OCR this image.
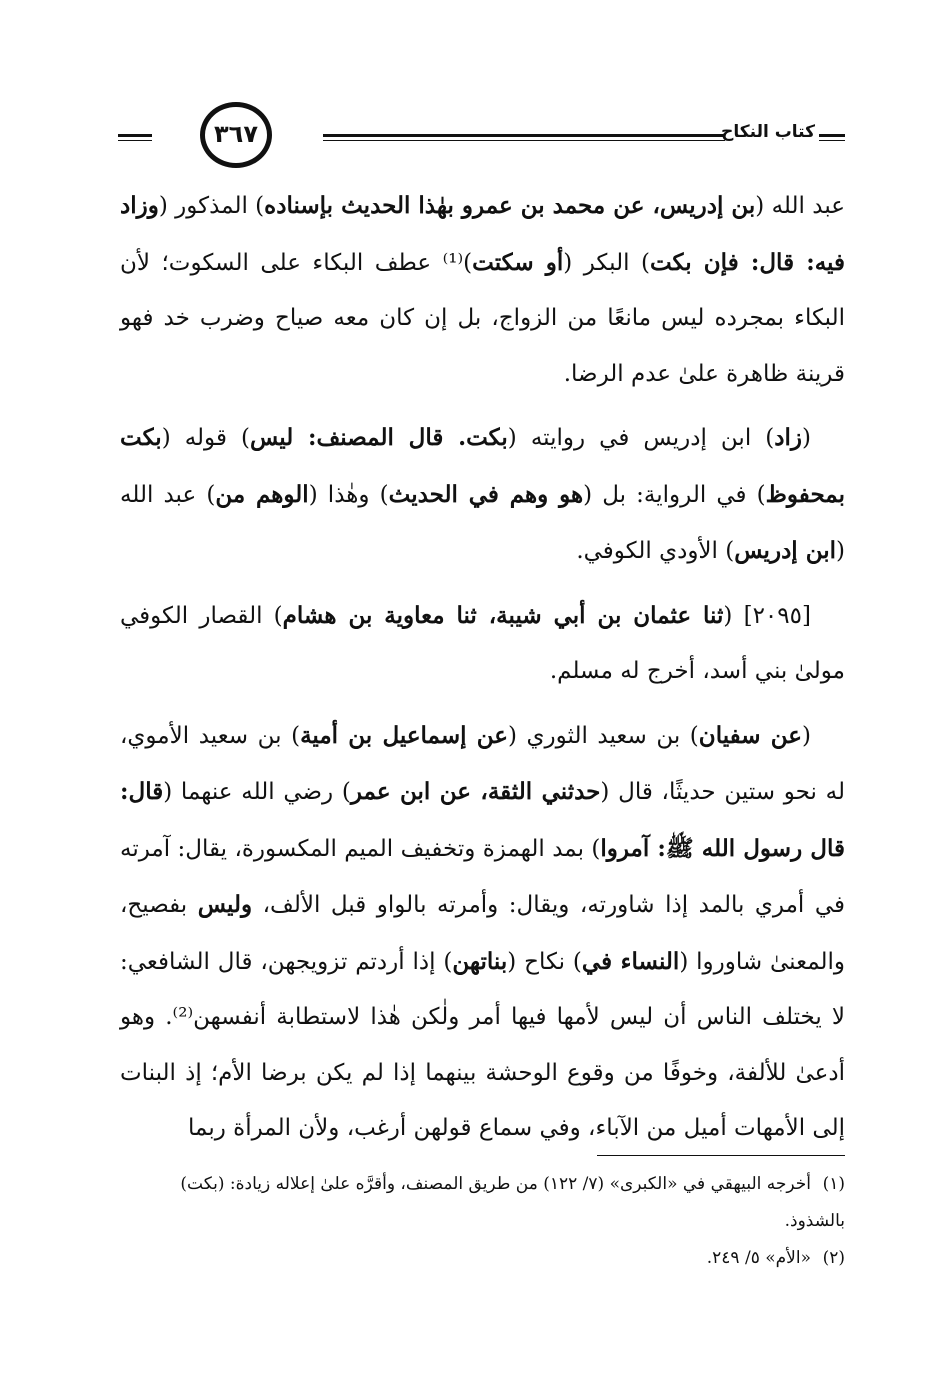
كتاب النكاح
٣٦٧

عبد الله (بن إدريس، عن محمد بن عمرو بهٰذا الحديث بإسناده) المذكور (وزاد فيه: قال: فإن بكت) البكر (أو سكتت)⁽¹⁾ عطف البكاء على السكوت؛ لأن البكاء بمجرده ليس مانعًا من الزواج، بل إن كان معه صياح وضرب خد فهو قرينة ظاهرة علىٰ عدم الرضا.

(زاد) ابن إدريس في روايته (بكت. قال المصنف: ليس) قوله (بكت بمحفوظ) في الرواية: بل (هو وهم في الحديث) وهٰذا (الوهم من) عبد الله (ابن إدريس) الأودي الكوفي.

[٢٠٩٥] (ثنا عثمان بن أبي شيبة، ثنا معاوية بن هشام) القصار الكوفي مولىٰ بني أسد، أخرج له مسلم.

(عن سفيان) بن سعيد الثوري (عن إسماعيل بن أمية) بن سعيد الأموي، له نحو ستين حديثًا، قال (حدثني الثقة، عن ابن عمر) رضي الله عنهما (قال: قال رسول الله ﷺ: آمروا) بمد الهمزة وتخفيف الميم المكسورة، يقال: آمرته في أمري بالمد إذا شاورته، ويقال: وأمرته بالواو قبل الألف، وليس بفصيح، والمعنىٰ شاوروا (النساء في) نكاح (بناتهن) إذا أردتم تزويجهن، قال الشافعي: لا يختلف الناس أن ليس لأمها فيها أمر ولٰكن هٰذا لاستطابة أنفسهن⁽²⁾. وهو أدعىٰ للألفة، وخوفًا من وقوع الوحشة بينهما إذا لم يكن برضا الأم؛ إذ البنات إلى الأمهات أميل من الآباء، وفي سماع قولهن أرغب، ولأن المرأة ربما

(١)أخرجه البيهقي في «الكبرى» (٧/ ١٢٢) من طريق المصنف، وأقرَّه علىٰ إعلاله زيادة: (بكت) بالشذوذ.
(٢)«الأم» ٥/ ٢٤٩.
